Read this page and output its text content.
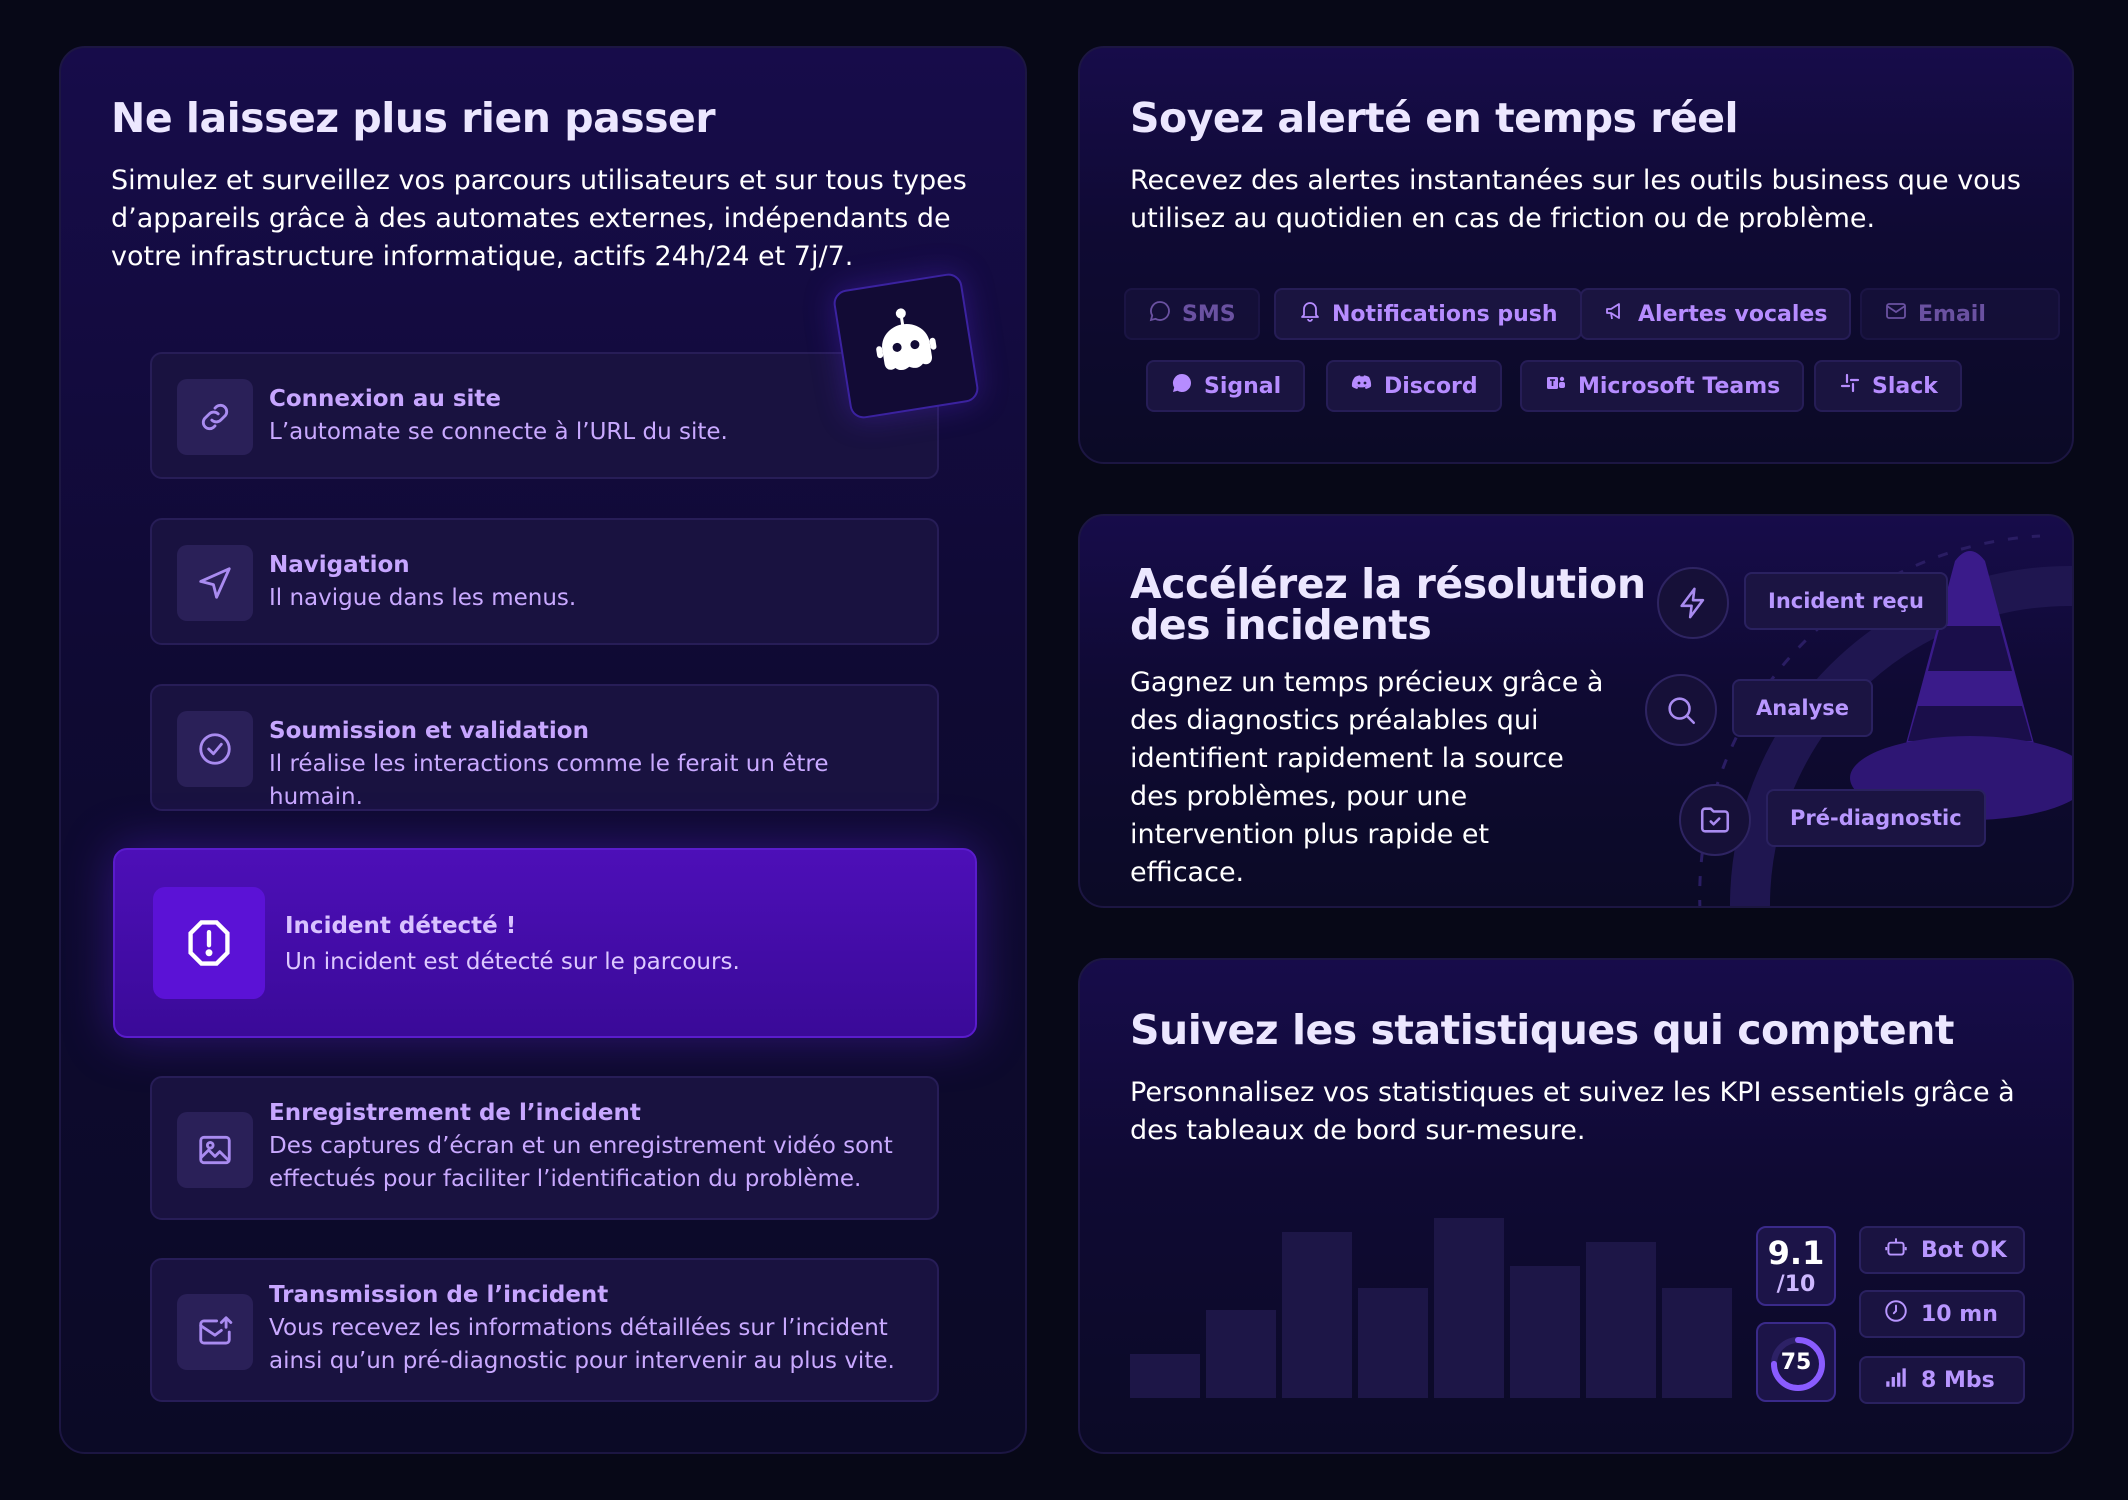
Ne laissez plus rien passer

Simulez et surveillez vos parcours utilisateurs et sur tous types d’appareils grâce à des automates externes, indépendants de votre infrastructure informatique, actifs 24h/24 et 7j/7.

Connexion au site
L’automate se connecte à l’URL du site.
Navigation
Il navigue dans les menus.
Soumission et validation
Il réalise les interactions comme le ferait un être humain.
Incident détecté !
Un incident est détecté sur le parcours.
Enregistrement de l’incident
Des captures d’écran et un enregistrement vidéo sont effectués pour faciliter l’identification du problème.
Transmission de l’incident
Vous recevez les informations détaillées sur l’incident ainsi qu’un pré-diagnostic pour intervenir au plus vite.
Soyez alerté en temps réel

Recevez des alertes instantanées sur les outils business que vous utilisez au quotidien en cas de friction ou de problème.

SMS	Notifications push	Alertes vocales	Email
Signal	Discord	Microsoft Teams	Slack
Accélérez la résolution
des incidents

Gagnez un temps précieux grâce à des diagnostics préalables qui identifient rapidement la source des problèmes, pour une intervention plus rapide et efficace.

Incident reçu
Analyse
Pré-diagnostic
Suivez les statistiques qui comptent

Personnalisez vos statistiques et suivez les KPI essentiels grâce à des tableaux de bord sur-mesure.

9.1
/10
75
Bot OK
10 mn
8 Mbs
